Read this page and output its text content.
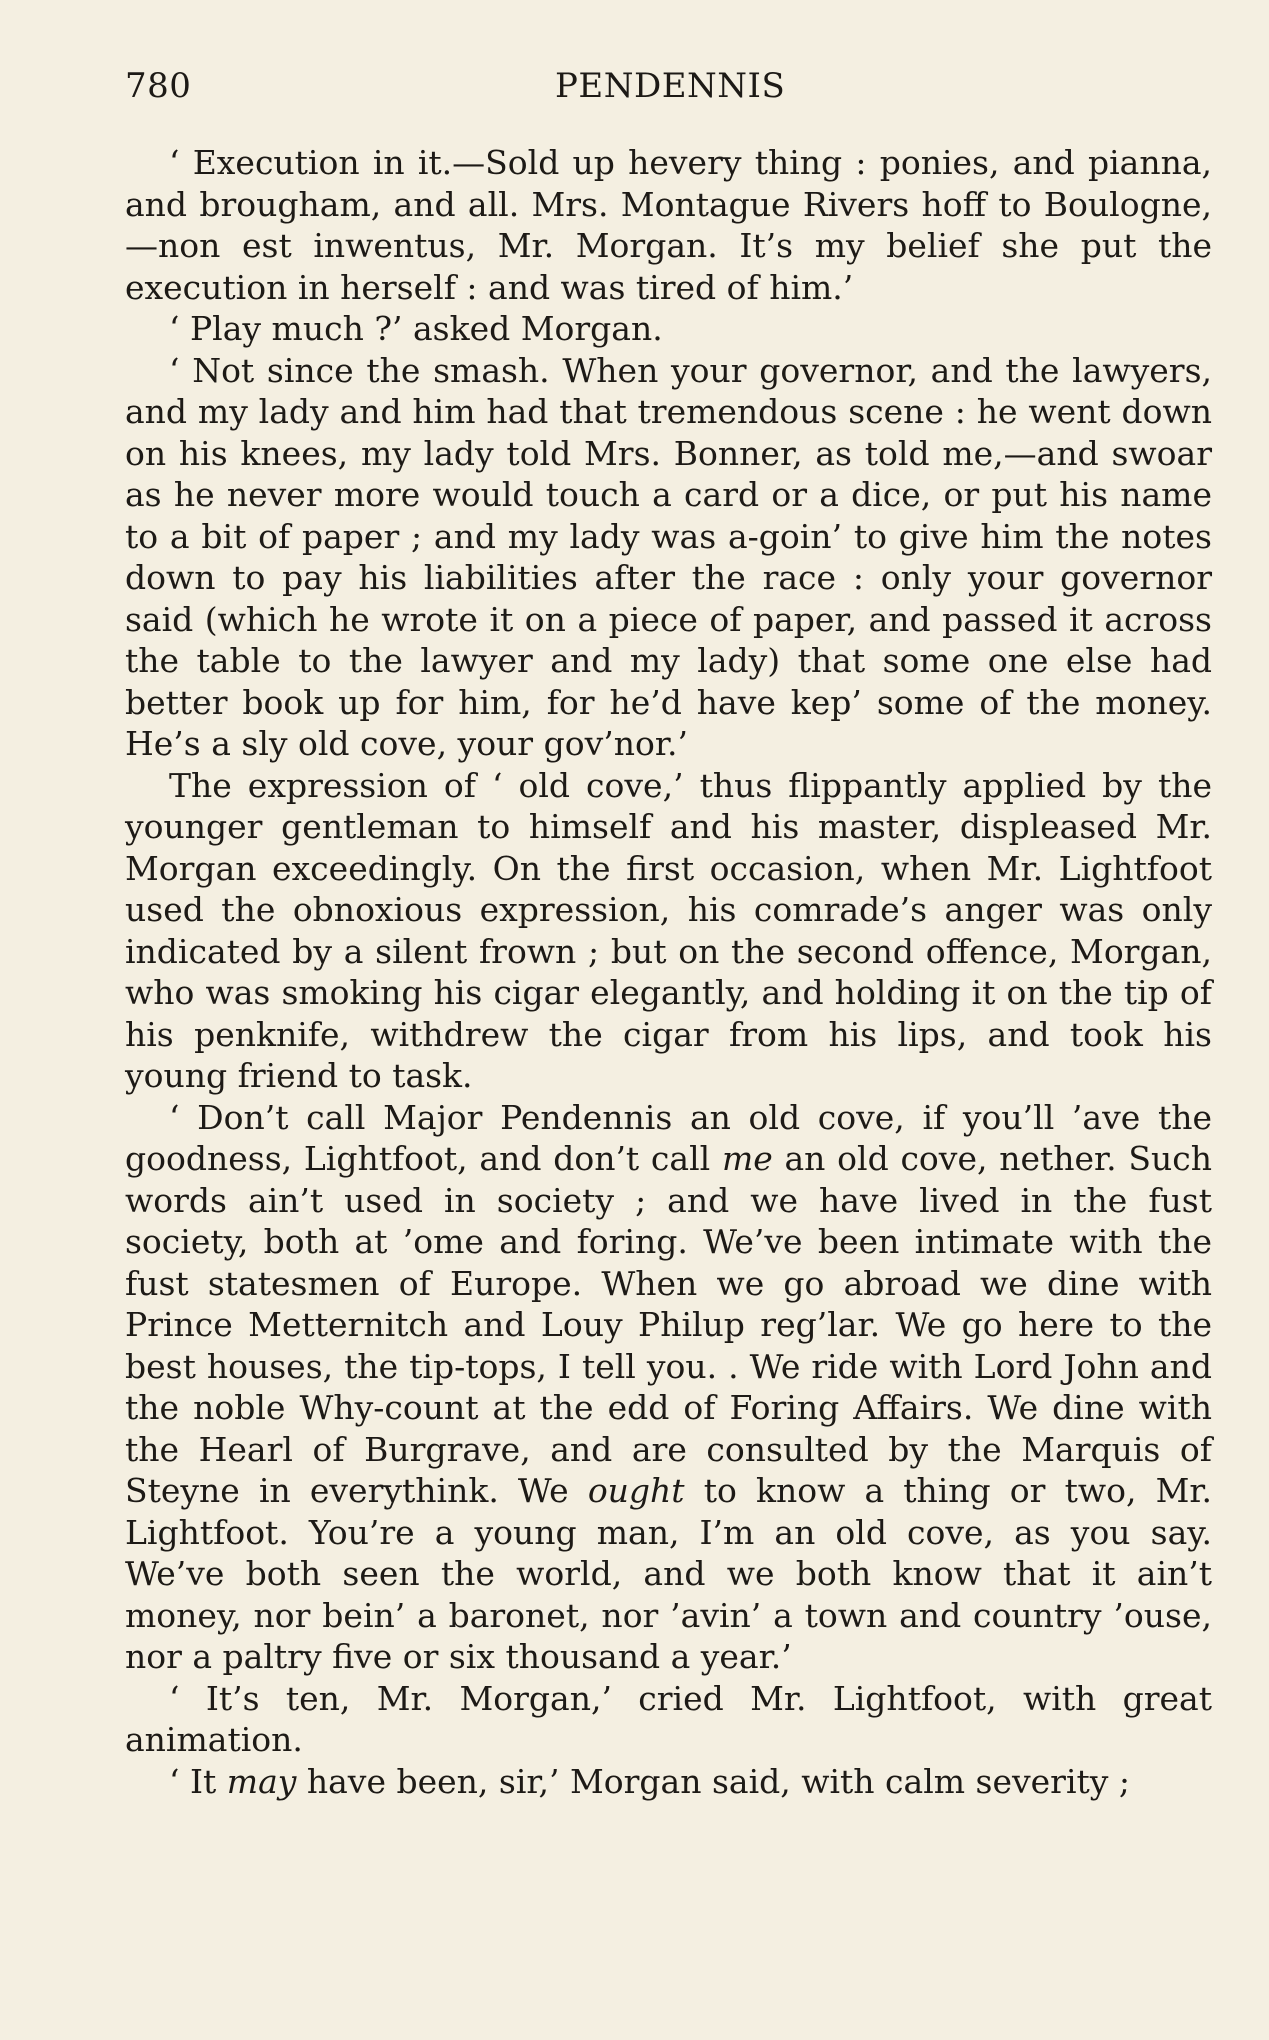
780	PENDENNIS

‘ Execution in it.—Sold up hevery thing : ponies, and pianna, and brougham, and all. Mrs. Montague Rivers hoff to Boulogne,—non est inwentus, Mr. Morgan. It’s my belief she put the execution in herself : and was tired of him.’

‘ Play much ?’ asked Morgan.

‘ Not since the smash. When your governor, and the lawyers, and my lady and him had that tremendous scene : he went down on his knees, my lady told Mrs. Bonner, as told me,—and swoar as he never more would touch a card or a dice, or put his name to a bit of paper ; and my lady was a-goin’ to give him the notes down to pay his liabilities after the race : only your governor said (which he wrote it on a piece of paper, and passed it across the table to the lawyer and my lady) that some one else had better book up for him, for he’d have kep’ some of the money. He’s a sly old cove, your gov’nor.’

The expression of ‘ old cove,’ thus flippantly applied by the younger gentleman to himself and his master, displeased Mr. Morgan exceedingly. On the first occasion, when Mr. Lightfoot used the obnoxious expression, his comrade’s anger was only indicated by a silent frown ; but on the second offence, Morgan, who was smoking his cigar elegantly, and holding it on the tip of his penknife, withdrew the cigar from his lips, and took his young friend to task.

‘ Don’t call Major Pendennis an old cove, if you’ll ’ave the goodness, Lightfoot, and don’t call me an old cove, nether. Such words ain’t used in society ; and we have lived in the fust society, both at ’ome and foring. We’ve been intimate with the fust statesmen of Europe. When we go abroad we dine with Prince Metternitch and Louy Philup reg’lar. We go here to the best houses, the tip-tops, I tell you. . We ride with Lord John and the noble Why-count at the edd of Foring Affairs. We dine with the Hearl of Burgrave, and are consulted by the Marquis of Steyne in everythink. We ought to know a thing or two, Mr. Lightfoot. You’re a young man, I’m an old cove, as you say. We’ve both seen the world, and we both know that it ain’t money, nor bein’ a baronet, nor ’avin’ a town and country ’ouse, nor a paltry five or six thousand a year.’

‘ It’s ten, Mr. Morgan,’ cried Mr. Lightfoot, with great animation.

‘ It may have been, sir,’ Morgan said, with calm severity ;
